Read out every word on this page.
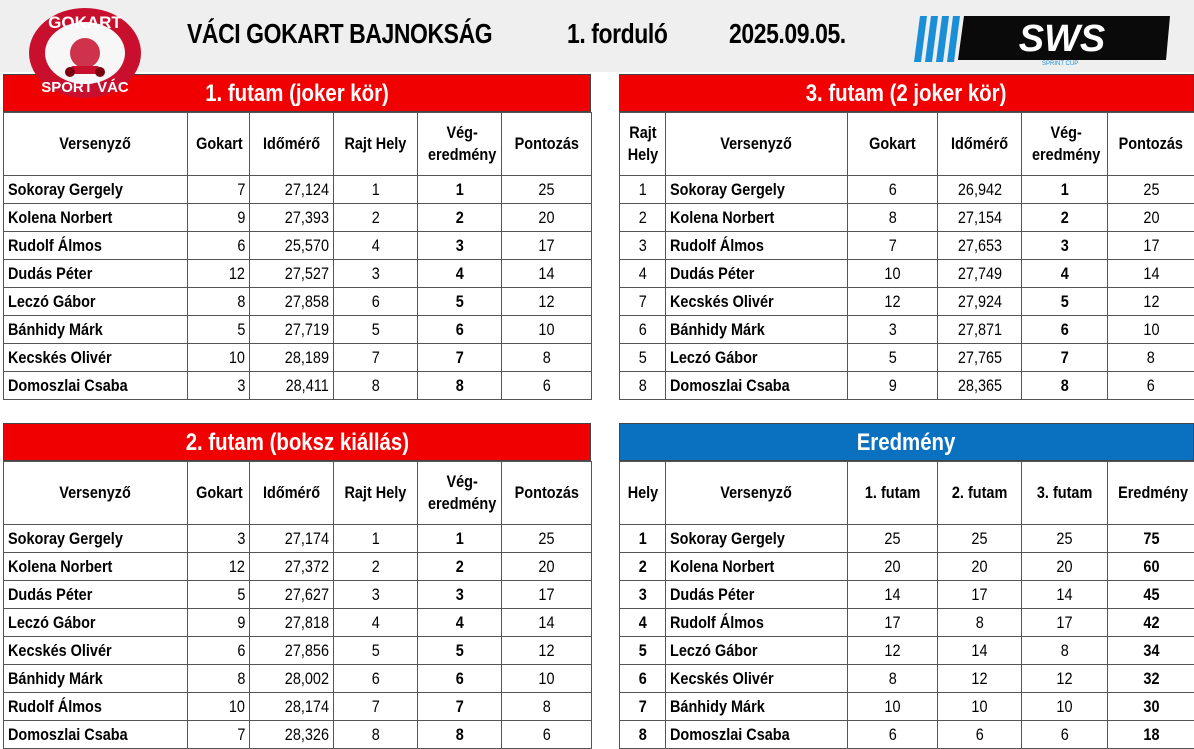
GOKART
SPORT VÁC
VÁCI GOKART BAJNOKSÁG	1. forduló 2025.09.05.	SWS
SPRINT CUP
1. futam (joker kör)
Versenyző	Gokart	Időmérő	Rajt Hely	Vég-
eredmény	Pontozás
Sokoray Gergely	7	27,124	1	1	25
Kolena Norbert	9	27,393	2	2	20
Rudolf Álmos	6	25,570	4	3	17
Dudás Péter	12	27,527	3	4	14
Leczó Gábor	8	27,858	6	5	12
Bánhidy Márk	5	27,719	5	6	10
Kecskés Olivér	10	28,189	7	7	8
Domoszlai Csaba	3	28,411	8	8	6
3. futam (2 joker kör)
Rajt
Hely	Versenyző	Gokart	Időmérő	Vég-
eredmény	Pontozás
1	Sokoray Gergely	6	26,942	1	25
2	Kolena Norbert	8	27,154	2	20
3	Rudolf Álmos	7	27,653	3	17
4	Dudás Péter	10	27,749	4	14
7	Kecskés Olivér	12	27,924	5	12
6	Bánhidy Márk	3	27,871	6	10
5	Leczó Gábor	5	27,765	7	8
8	Domoszlai Csaba	9	28,365	8	6
2. futam (boksz kiállás)
Versenyző	Gokart	Időmérő	Rajt Hely	Vég-
eredmény	Pontozás
Sokoray Gergely	3	27,174	1	1	25
Kolena Norbert	12	27,372	2	2	20
Dudás Péter	5	27,627	3	3	17
Leczó Gábor	9	27,818	4	4	14
Kecskés Olivér	6	27,856	5	5	12
Bánhidy Márk	8	28,002	6	6	10
Rudolf Álmos	10	28,174	7	7	8
Domoszlai Csaba	7	28,326	8	8	6
Eredmény
Hely	Versenyző	1. futam	2. futam	3. futam	Eredmény
1	Sokoray Gergely	25	25	25	75
2	Kolena Norbert	20	20	20	60
3	Dudás Péter	14	17	14	45
4	Rudolf Álmos	17	8	17	42
5	Leczó Gábor	12	14	8	34
6	Kecskés Olivér	8	12	12	32
7	Bánhidy Márk	10	10	10	30
8	Domoszlai Csaba	6	6	6	18
